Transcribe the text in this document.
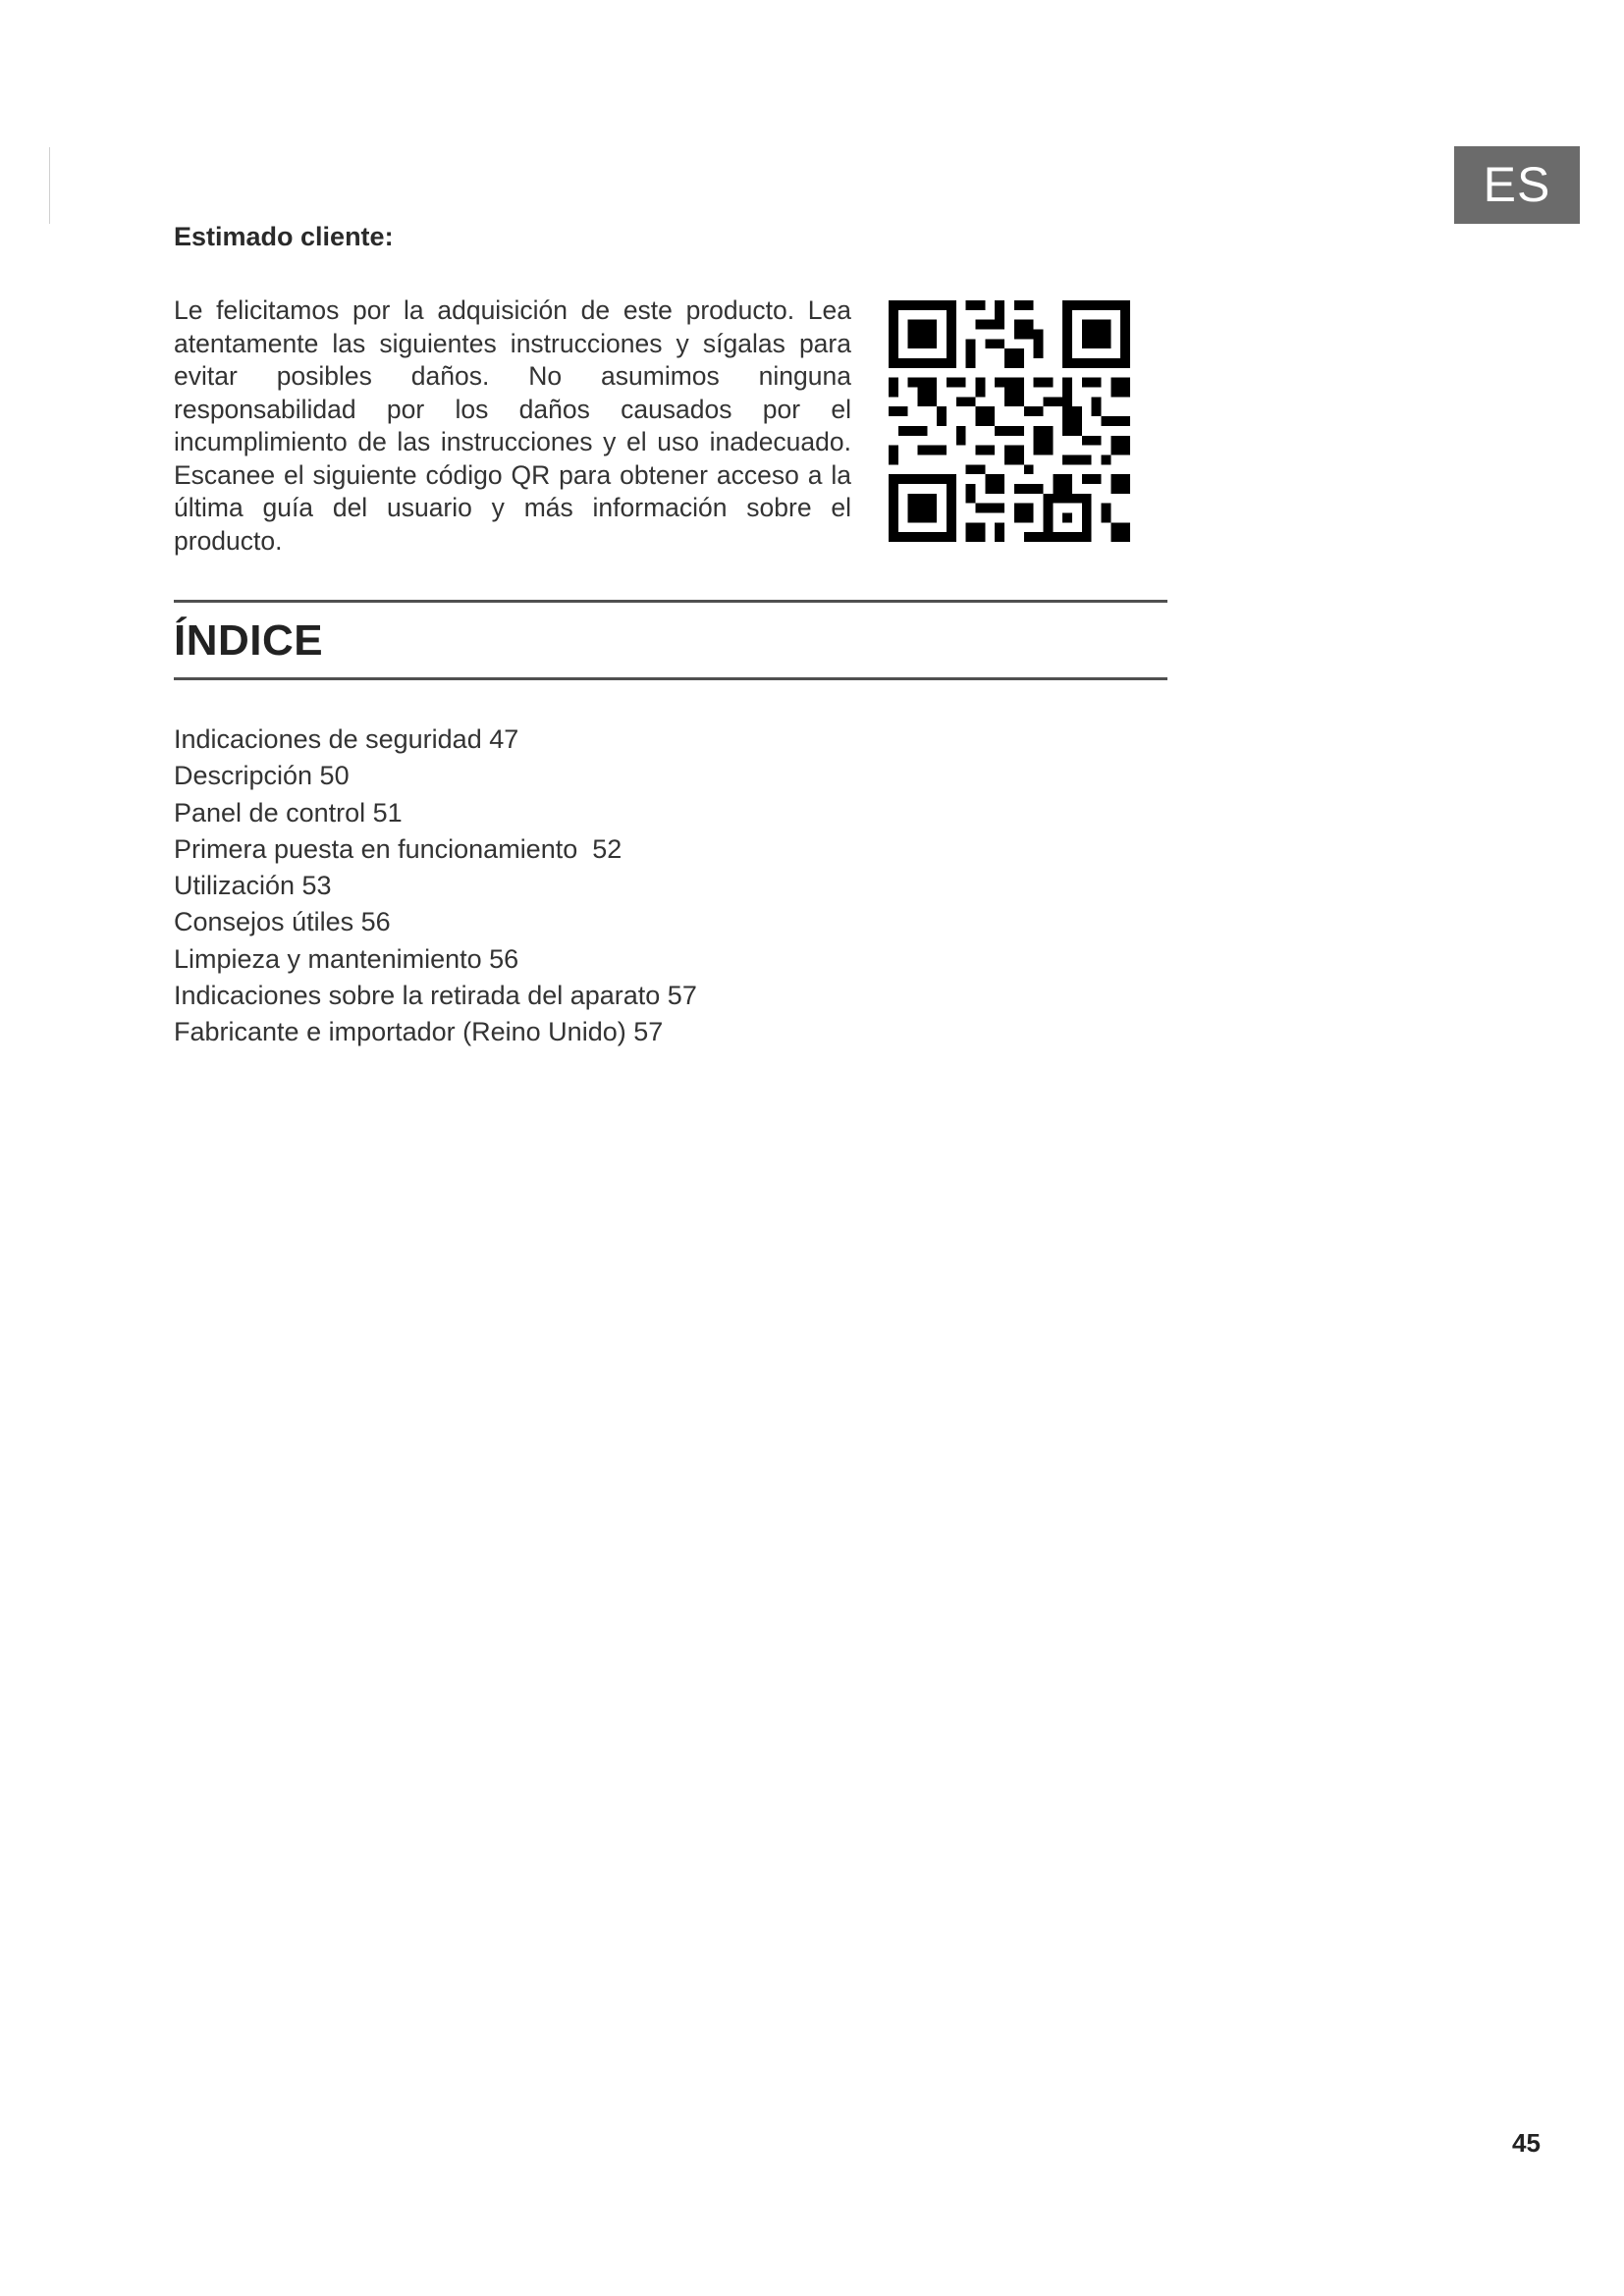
ES
Estimado cliente:
Le felicitamos por la adquisición de este producto. Lea atentamente las siguientes instrucciones y sígalas para evitar posibles daños. No asumimos ninguna responsabilidad por los daños causados por el incumplimiento de las instrucciones y el uso inadecuado. Escanee el siguiente código QR para obtener acceso a la última guía del usuario y más información sobre el producto.
ÍNDICE
Indicaciones de seguridad 47
Descripción 50
Panel de control 51
Primera puesta en funcionamiento  52
Utilización 53
Consejos útiles 56
Limpieza y mantenimiento 56
Indicaciones sobre la retirada del aparato 57
Fabricante e importador (Reino Unido) 57
45
